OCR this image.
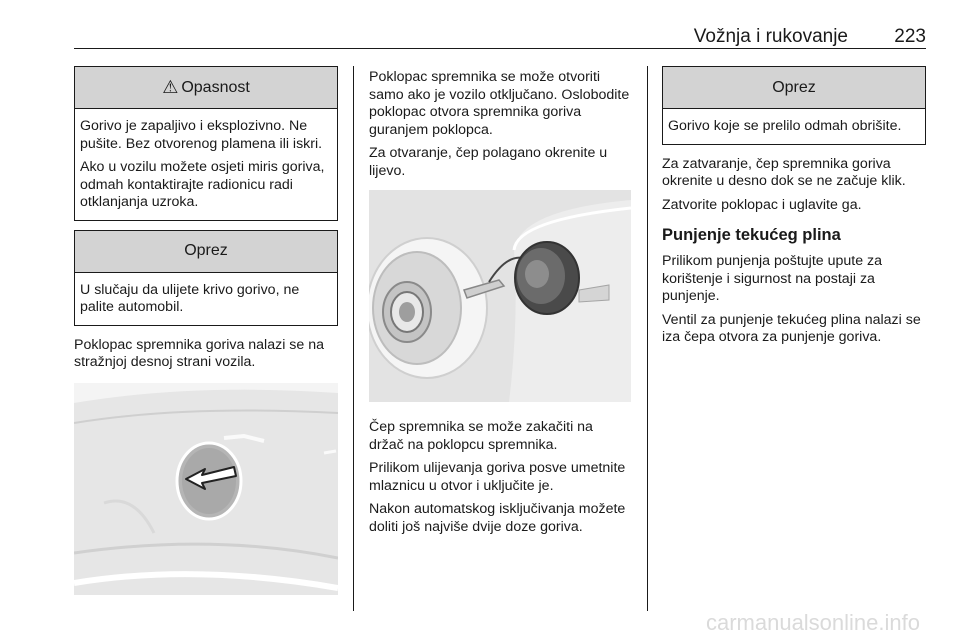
Vožnja i rukovanje 223
⚠ Opasnost

Gorivo je zapaljivo i eksplozivno. Ne pušite. Bez otvorenog plamena ili iskri.

Ako u vozilu možete osjeti miris goriva, odmah kontaktirajte radionicu radi otklanjanja uzroka.

Oprez

U slučaju da ulijete krivo gorivo, ne palite automobil.

Poklopac spremnika goriva nalazi se na stražnjoj desnoj strani vozila.

Poklopac spremnika se može otvoriti samo ako je vozilo otključano. Oslobodite poklopac otvora spremnika goriva guranjem poklopca.

Za otvaranje, čep polagano okrenite u lijevo.

Čep spremnika se može zakačiti na držač na poklopcu spremnika.

Prilikom ulijevanja goriva posve umetnite mlaznicu u otvor i uključite je.

Nakon automatskog isključivanja možete doliti još najviše dvije doze goriva.

Oprez

Gorivo koje se prelilo odmah obrišite.

Za zatvaranje, čep spremnika goriva okrenite u desno dok se ne začuje klik.

Zatvorite poklopac i uglavite ga.

Punjenje tekućeg plina

Prilikom punjenja poštujte upute za korištenje i sigurnost na postaji za punjenje.

Ventil za punjenje tekućeg plina nalazi se iza čepa otvora za punjenje goriva.

carmanualsonline.info
